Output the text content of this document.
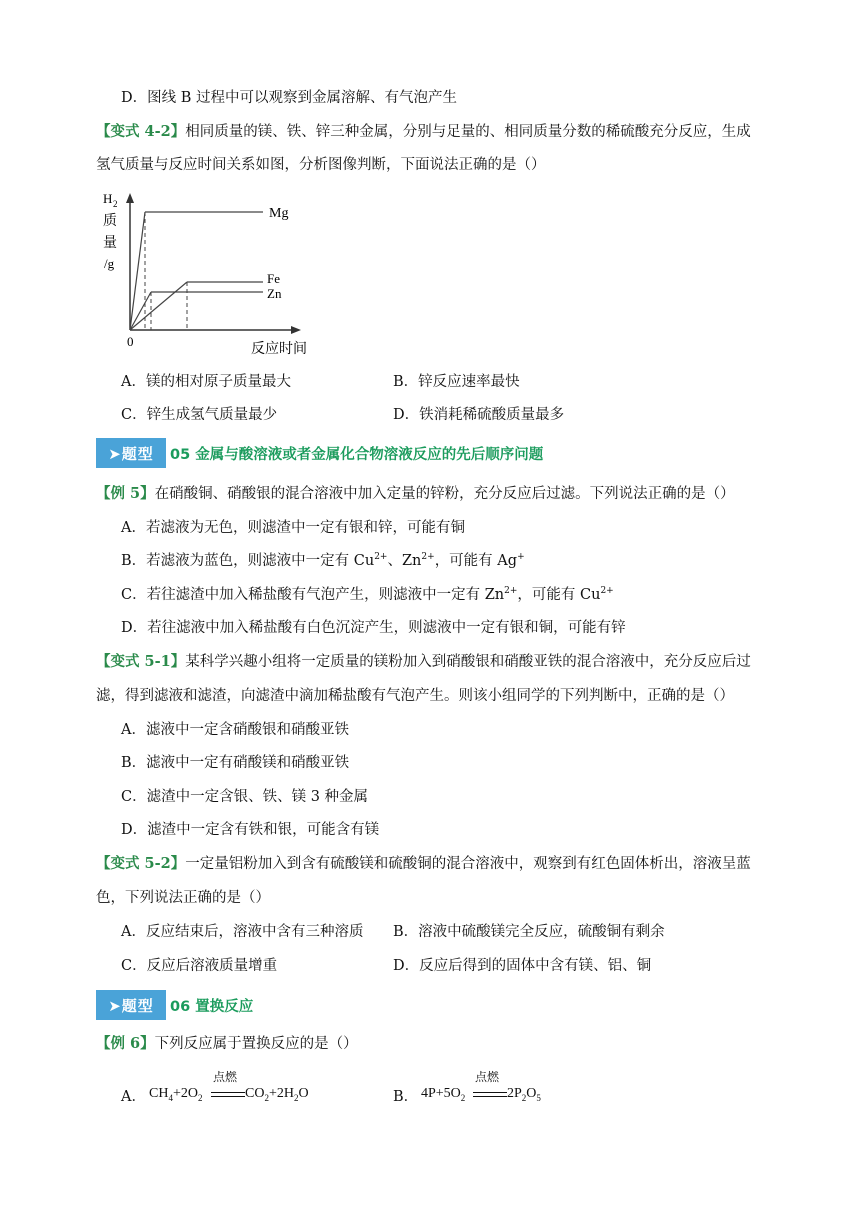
D．图线 B 过程中可以观察到金属溶解、有气泡产生
【变式 4-2】相同质量的镁、铁、锌三种金属，分别与足量的、相同质量分数的稀硫酸充分反应，生成
氢气质量与反应时间关系如图，分析图像判断，下面说法正确的是（）
H 2
质
量
/g
Mg
Fe
Zn
0	反应时间
A．镁的相对原子质量最大	B．锌反应速率最快
C．锌生成氢气质量最少	D．铁消耗稀硫酸质量最多
➤题型	05 金属与酸溶液或者金属化合物溶液反应的先后顺序问题
【例 5】在硝酸铜、硝酸银的混合溶液中加入定量的锌粉，充分反应后过滤。下列说法正确的是（）
A．若滤液为无色，则滤渣中一定有银和锌，可能有铜
B．若滤液为蓝色，则滤液中一定有 $Cu^{2+}$、$Zn^{2+}$，可能有 Ag+
C．若往滤渣中加入稀盐酸有气泡产生，则滤液中一定有 $Zn^{2+}$，可能有 $Cu^{2+}$
D．若往滤液中加入稀盐酸有白色沉淀产生，则滤液中一定有银和铜，可能有锌
【变式 5-1】某科学兴趣小组将一定质量的镁粉加入到硝酸银和硝酸亚铁的混合溶液中，充分反应后过
滤，得到滤液和滤渣，向滤渣中滴加稀盐酸有气泡产生。则该小组同学的下列判断中，正确的是（）
A．滤液中一定含硝酸银和硝酸亚铁
B．滤液中一定有硝酸镁和硝酸亚铁
C．滤渣中一定含银、铁、镁 3 种金属
D．滤渣中一定含有铁和银，可能含有镁
【变式 5-2】一定量铝粉加入到含有硫酸镁和硫酸铜的混合溶液中，观察到有红色固体析出，溶液呈蓝
色，下列说法正确的是（）
A．反应结束后，溶液中含有三种溶质 B．溶液中硫酸镁完全反应，硫酸铜有剩余
C．反应后溶液质量增重	D．反应后得到的固体中含有镁、铝、铜
➤题型	06 置换反应
【例 6】下列反应属于置换反应的是（）
A． $CH_4+2O_2$
点燃
$CO_2+2H_2O$	B． $4P+5O_2$
点燃
$2P_2O_5$
